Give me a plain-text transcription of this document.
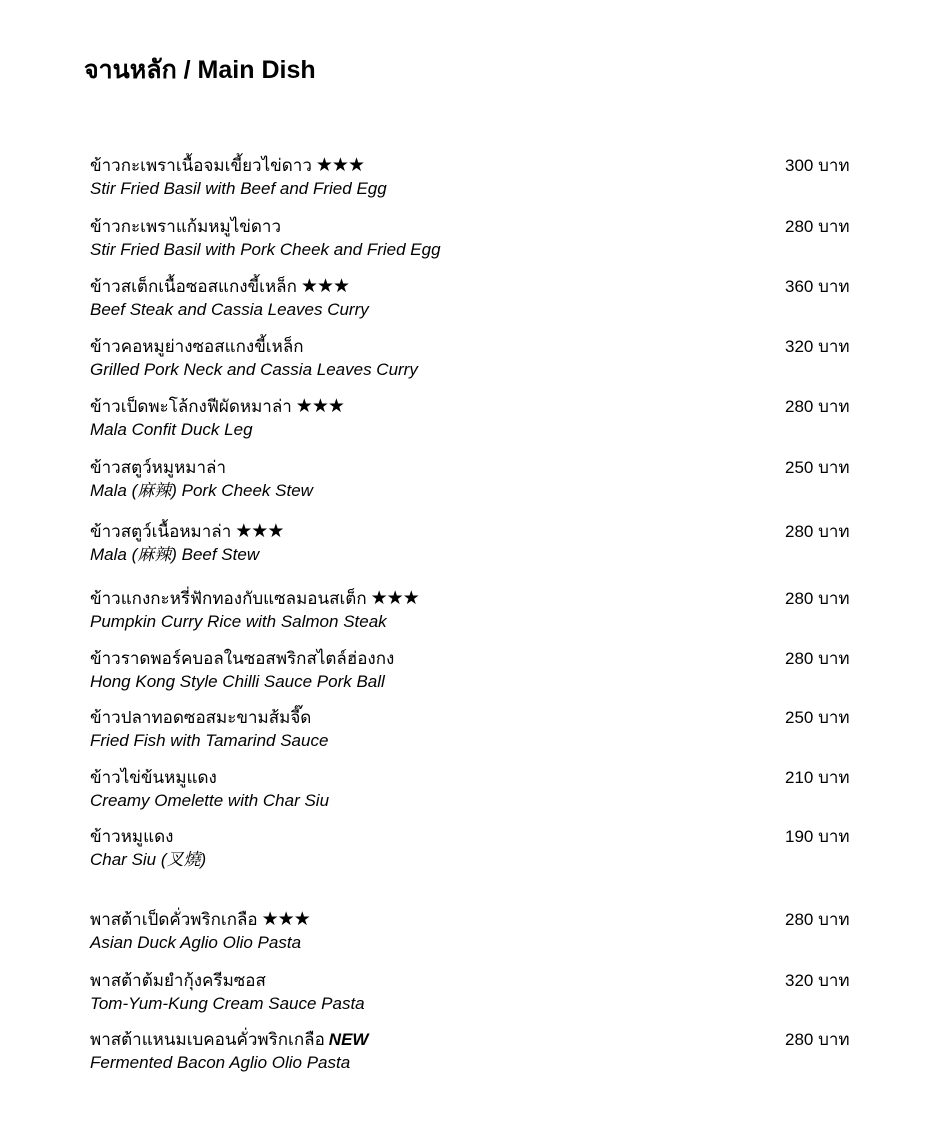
จานหลัก / Main Dish
ข้าวกะเพราเนื้อจมเขี้ยวไข่ดาว ★★★
Stir Fried Basil with Beef and Fried Egg
300 บาท
ข้าวกะเพราแก้มหมูไข่ดาว
Stir Fried Basil with Pork Cheek and Fried Egg
280 บาท
ข้าวสเต็กเนื้อซอสแกงขี้เหล็ก ★★★
Beef Steak and Cassia Leaves Curry
360 บาท
ข้าวคอหมูย่างซอสแกงขี้เหล็ก
Grilled Pork Neck and Cassia Leaves Curry
320 บาท
ข้าวเป็ดพะโล้กงฟีผัดหมาล่า ★★★
Mala Confit Duck Leg
280 บาท
ข้าวสตูว์หมูหมาล่า
Mala (麻辣) Pork Cheek Stew
250 บาท
ข้าวสตูว์เนื้อหมาล่า ★★★
Mala (麻辣) Beef Stew
280 บาท
ข้าวแกงกะหรี่ฟักทองกับแซลมอนสเต็ก ★★★
Pumpkin Curry Rice with Salmon Steak
280 บาท
ข้าวราดพอร์คบอลในซอสพริกสไตล์ฮ่องกง
Hong Kong Style Chilli Sauce Pork Ball
280 บาท
ข้าวปลาทอดซอสมะขามส้มจี๊ด
Fried Fish with Tamarind Sauce
250 บาท
ข้าวไข่ข้นหมูแดง
Creamy Omelette with Char Siu
210 บาท
ข้าวหมูแดง
Char Siu (叉燒)
190 บาท
พาสต้าเป็ดคั่วพริกเกลือ ★★★
Asian Duck Aglio Olio Pasta
280 บาท
พาสต้าต้มยำกุ้งครีมซอส
Tom-Yum-Kung Cream Sauce Pasta
320 บาท
พาสต้าแหนมเบคอนคั่วพริกเกลือ NEW
Fermented Bacon Aglio Olio Pasta
280 บาท
